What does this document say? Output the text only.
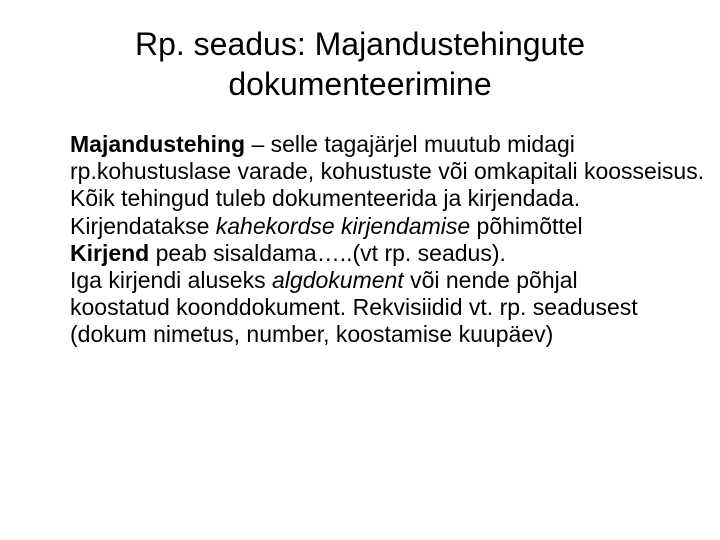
Rp. seadus: Majandustehingute
dokumenteerimine

Majandustehing – selle tagajärjel muutub midagi rp.kohustuslase varade, kohustuste või omkapitali koosseisus.

Kõik tehingud tuleb dokumenteerida ja kirjendada.

Kirjendatakse kahekordse kirjendamise põhimõttel

Kirjend peab sisaldama…..(vt rp. seadus).

Iga kirjendi aluseks algdokument või nende põhjal

koostatud koonddokument. Rekvisiidid vt. rp. seadusest (dokum nimetus, number, koostamise kuupäev)
